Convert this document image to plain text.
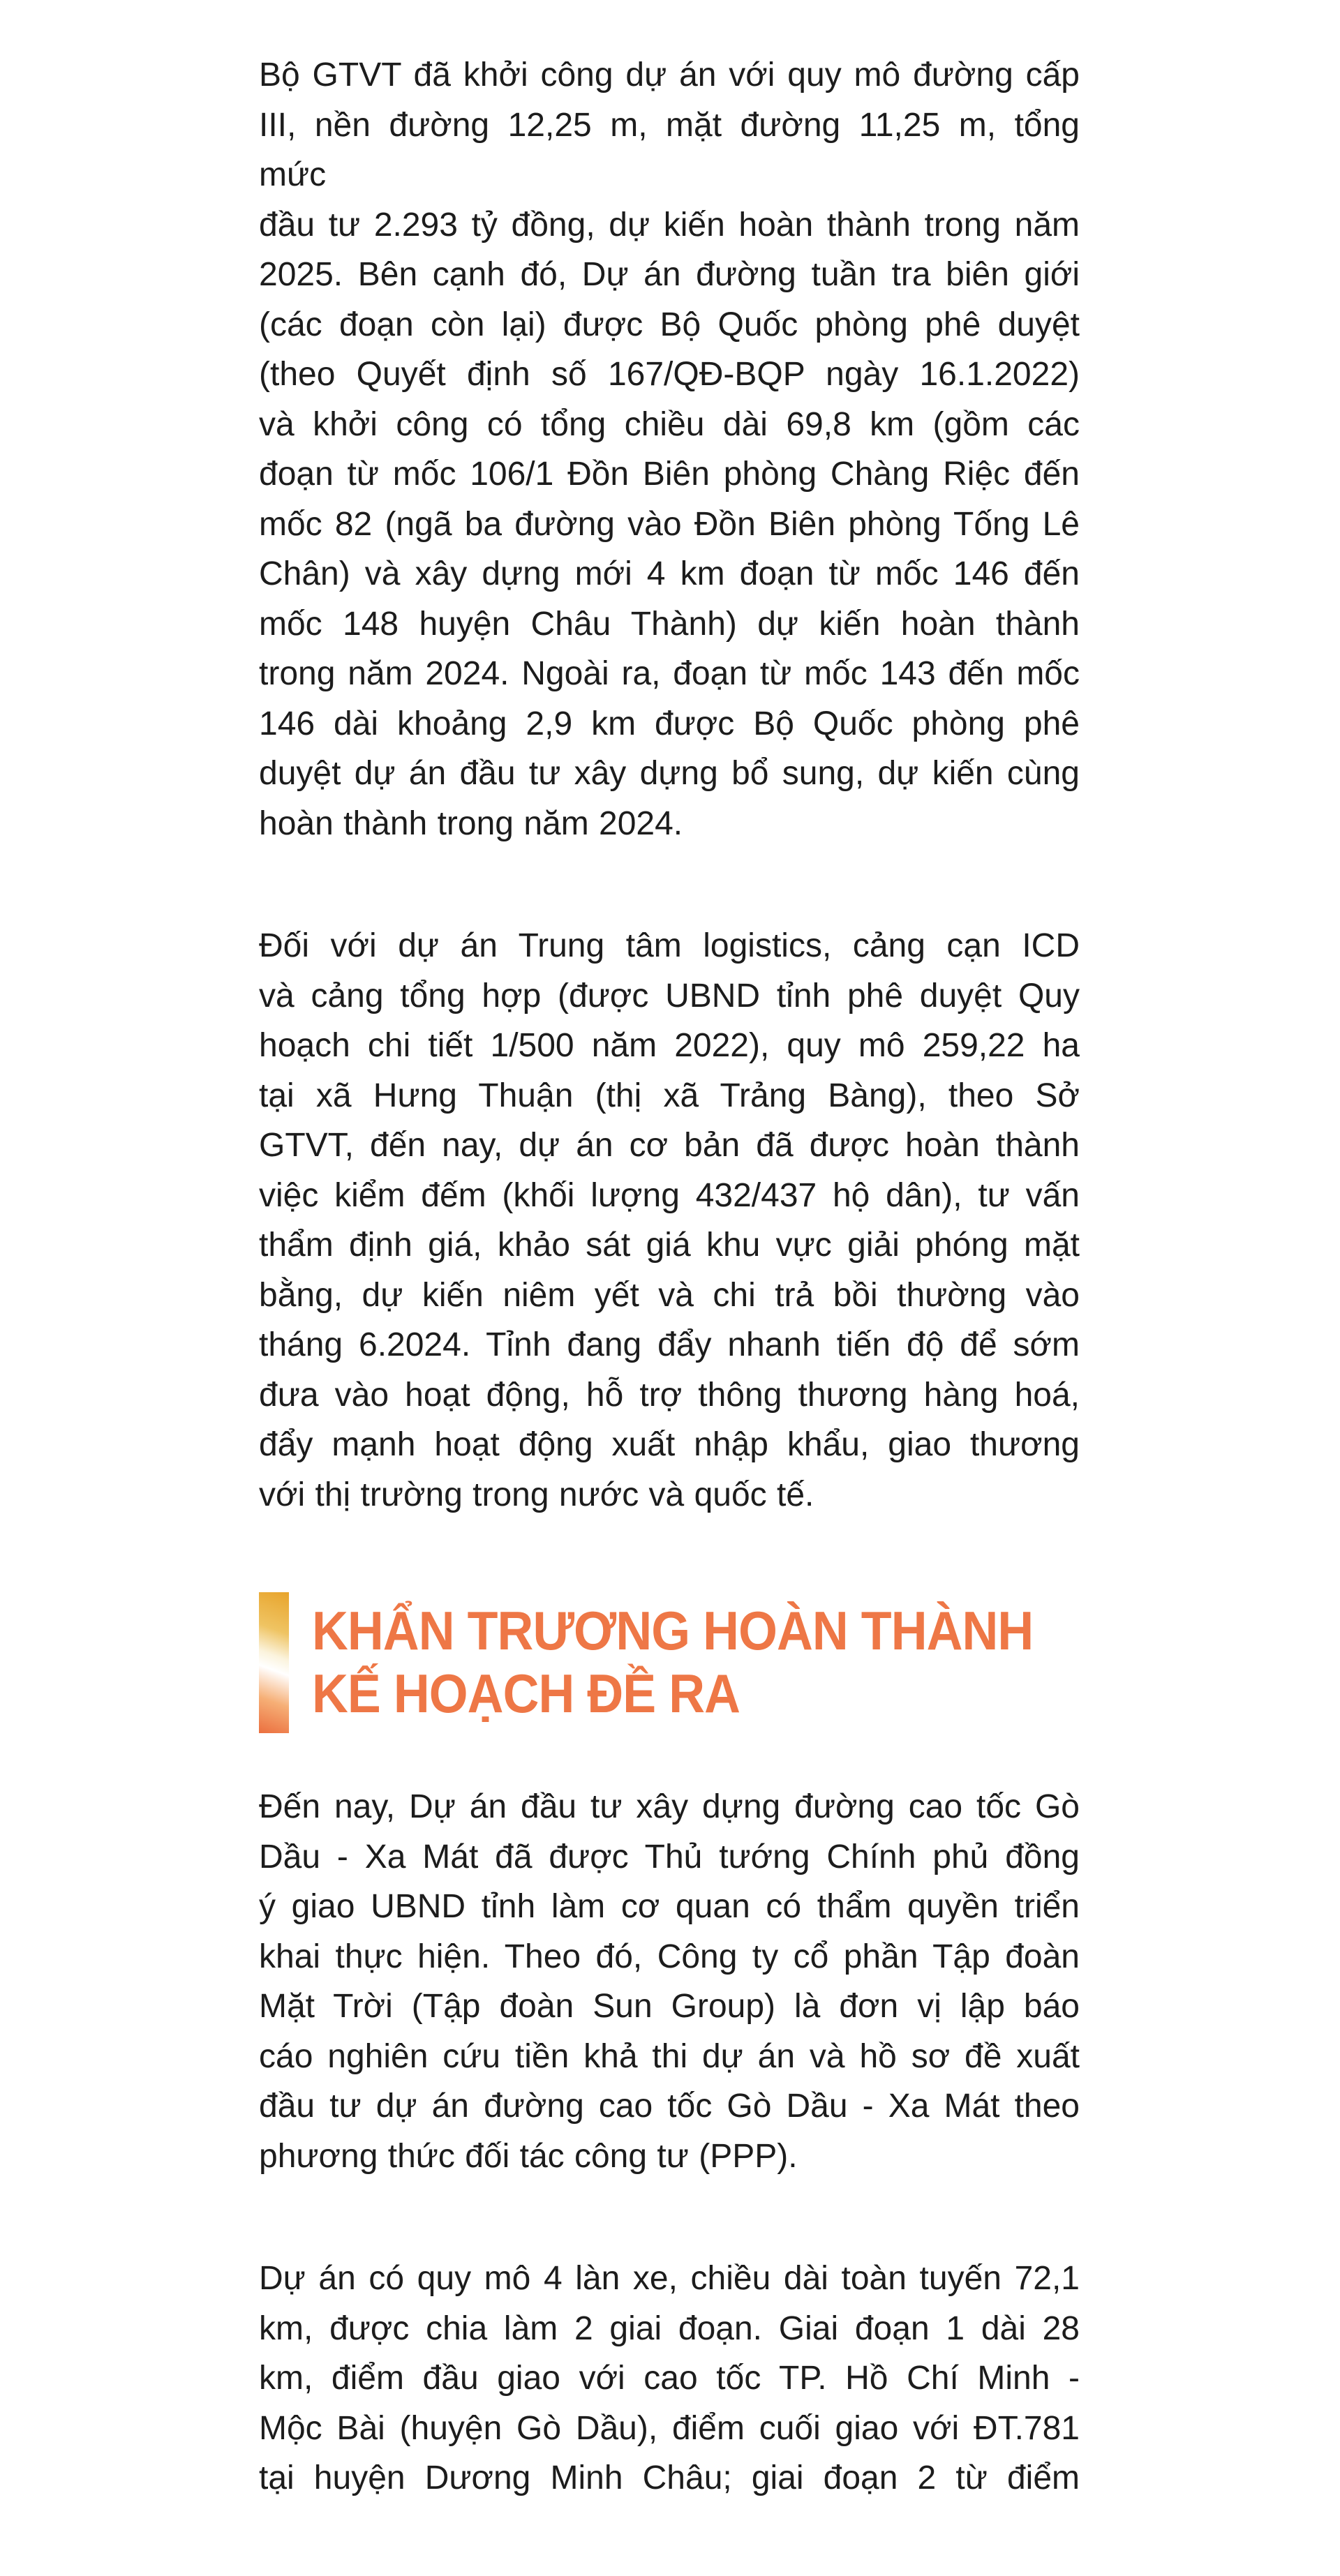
Bộ GTVT đã khởi công dự án với quy mô đường cấp
III, nền đường 12,25 m, mặt đường 11,25 m, tổng mức
đầu tư 2.293 tỷ đồng, dự kiến hoàn thành trong năm
2025. Bên cạnh đó, Dự án đường tuần tra biên giới
(các đoạn còn lại) được Bộ Quốc phòng phê duyệt
(theo Quyết định số 167/QĐ-BQP ngày 16.1.2022)
và khởi công có tổng chiều dài 69,8 km (gồm các
đoạn từ mốc 106/1 Đồn Biên phòng Chàng Riệc đến
mốc 82 (ngã ba đường vào Đồn Biên phòng Tống Lê
Chân) và xây dựng mới 4 km đoạn từ mốc 146 đến
mốc 148 huyện Châu Thành) dự kiến hoàn thành
trong năm 2024. Ngoài ra, đoạn từ mốc 143 đến mốc
146 dài khoảng 2,9 km được Bộ Quốc phòng phê
duyệt dự án đầu tư xây dựng bổ sung, dự kiến cùng
hoàn thành trong năm 2024.
Đối với dự án Trung tâm logistics, cảng cạn ICD
và cảng tổng hợp (được UBND tỉnh phê duyệt Quy
hoạch chi tiết 1/500 năm 2022), quy mô 259,22 ha
tại xã Hưng Thuận (thị xã Trảng Bàng), theo Sở
GTVT, đến nay, dự án cơ bản đã được hoàn thành
việc kiểm đếm (khối lượng 432/437 hộ dân), tư vấn
thẩm định giá, khảo sát giá khu vực giải phóng mặt
bằng, dự kiến niêm yết và chi trả bồi thường vào
tháng 6.2024. Tỉnh đang đẩy nhanh tiến độ để sớm
đưa vào hoạt động, hỗ trợ thông thương hàng hoá,
đẩy mạnh hoạt động xuất nhập khẩu, giao thương
với thị trường trong nước và quốc tế.
KHẨN TRƯƠNG HOÀN THÀNH
KẾ HOẠCH ĐỀ RA
Đến nay, Dự án đầu tư xây dựng đường cao tốc Gò
Dầu - Xa Mát đã được Thủ tướng Chính phủ đồng
ý giao UBND tỉnh làm cơ quan có thẩm quyền triển
khai thực hiện. Theo đó, Công ty cổ phần Tập đoàn
Mặt Trời (Tập đoàn Sun Group) là đơn vị lập báo
cáo nghiên cứu tiền khả thi dự án và hồ sơ đề xuất
đầu tư dự án đường cao tốc Gò Dầu - Xa Mát theo
phương thức đối tác công tư (PPP).
Dự án có quy mô 4 làn xe, chiều dài toàn tuyến 72,1
km, được chia làm 2 giai đoạn. Giai đoạn 1 dài 28
km, điểm đầu giao với cao tốc TP. Hồ Chí Minh -
Mộc Bài (huyện Gò Dầu), điểm cuối giao với ĐT.781
tại huyện Dương Minh Châu; giai đoạn 2 từ điểm
